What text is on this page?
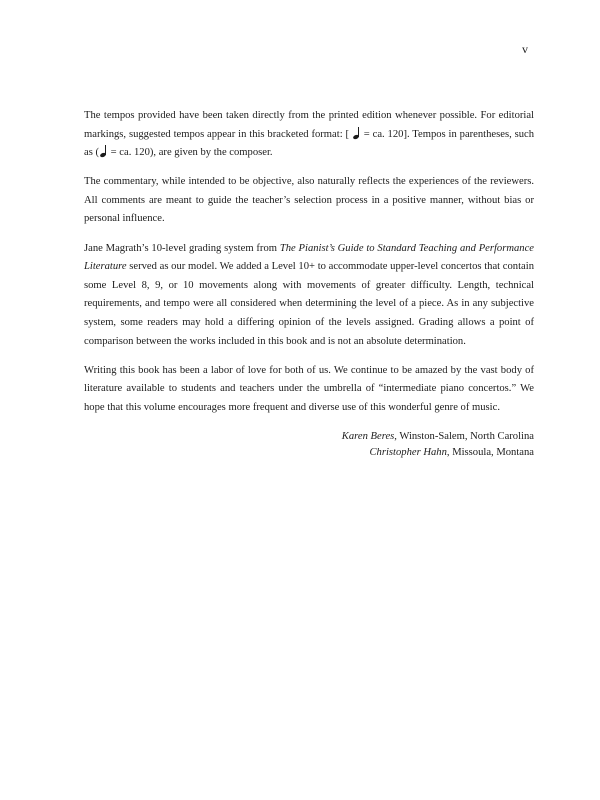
v

The tempos provided have been taken directly from the printed edition whenever possible. For editorial markings, suggested tempos appear in this bracketed format: [ = ca. 120]. Tempos in parentheses, such as ( = ca. 120), are given by the composer.

The commentary, while intended to be objective, also naturally reflects the experiences of the reviewers. All comments are meant to guide the teacher’s selection process in a positive manner, without bias or personal influence.

Jane Magrath’s 10-level grading system from The Pianist’s Guide to Standard Teaching and Performance Literature served as our model. We added a Level 10+ to accommodate upper-level concertos that contain some Level 8, 9, or 10 movements along with movements of greater difficulty. Length, technical requirements, and tempo were all considered when determining the level of a piece. As in any subjective system, some readers may hold a differing opinion of the levels assigned. Grading allows a point of comparison between the works included in this book and is not an absolute determination.

Writing this book has been a labor of love for both of us. We continue to be amazed by the vast body of literature available to students and teachers under the umbrella of “intermediate piano concertos.” We hope that this volume encourages more frequent and diverse use of this wonderful genre of music.

Karen Beres, Winston-Salem, North Carolina
Christopher Hahn, Missoula, Montana
